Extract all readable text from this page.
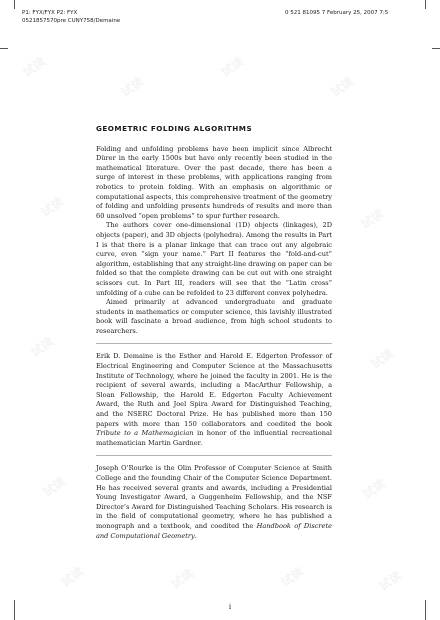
P1: FYX/FYX P2: FYX
0521857570pre CUNY758/Demaine
0 521 81095 7 February 25, 2007 7:5
试读
试读
试读
试读
试读	试读
试读	试读
试读	试读
试读	试读	试读	试读
GEOMETRIC FOLDING ALGORITHMS

Folding and unfolding problems have been implicit since Albrecht Dürer in the early 1500s but have only recently been studied in the mathematical literature. Over the past decade, there has been a surge of interest in these problems, with applications ranging from robotics to protein folding. With an emphasis on algorithmic or computational aspects, this comprehensive treatment of the geometry of folding and unfolding presents hundreds of results and more than 60 unsolved “open problems” to spur further research.

The authors cover one-dimensional (1D) objects (linkages), 2D objects (paper), and 3D objects (polyhedra). Among the results in Part I is that there is a planar linkage that can trace out any algebraic curve, even “sign your name.” Part II features the “fold-and-cut” algorithm, establishing that any straight-line drawing on paper can be folded so that the complete drawing can be cut out with one straight scissors cut. In Part III, readers will see that the “Latin cross” unfolding of a cube can be refolded to 23 different convex polyhedra.

Aimed primarily at advanced undergraduate and graduate students in mathematics or computer science, this lavishly illustrated book will fascinate a broad audience, from high school students to researchers.

Erik D. Demaine is the Esther and Harold E. Edgerton Professor of Electrical Engineering and Computer Science at the Massachusetts Institute of Technology, where he joined the faculty in 2001. He is the recipient of several awards, including a MacArthur Fellowship, a Sloan Fellowship, the Harold E. Edgerton Faculty Achievement Award, the Ruth and Joel Spira Award for Distinguished Teaching, and the NSERC Doctoral Prize. He has published more than 150 papers with more than 150 collaborators and coedited the book Tribute to a Mathemagician in honor of the influential recreational mathematician Martin Gardner.

Joseph O’Rourke is the Olin Professor of Computer Science at Smith College and the founding Chair of the Computer Science Department. He has received several grants and awards, including a Presidential Young Investigator Award, a Guggenheim Fellowship, and the NSF Director’s Award for Distinguished Teaching Scholars. His research is in the field of computational geometry, where he has published a monograph and a textbook, and coedited the Handbook of Discrete and Computational Geometry.

i
